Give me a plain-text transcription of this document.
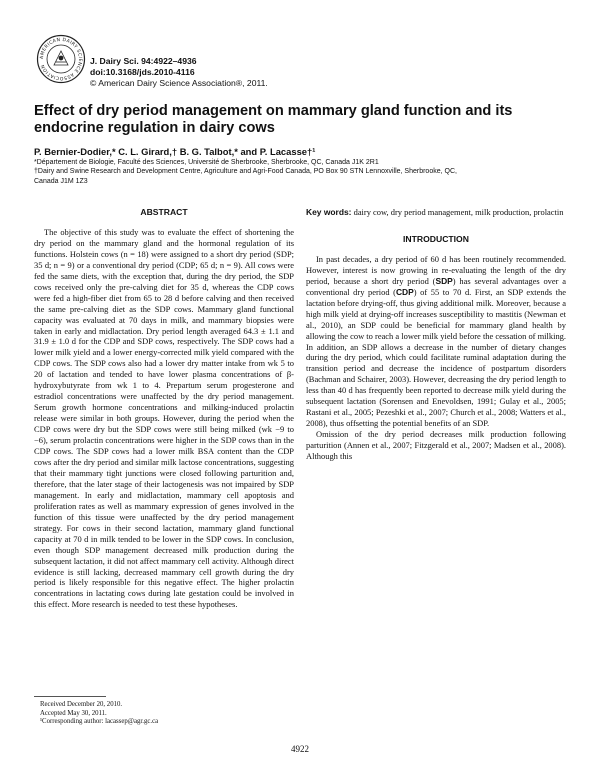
AMERICAN DAIRY SCIENCE ASSOCIATION	J. Dairy Sci. 94:4922–4936
doi:10.3168/jds.2010-4116
© American Dairy Science Association®, 2011.
Effect of dry period management on mammary gland function and its endocrine regulation in dairy cows
P. Bernier-Dodier,* C. L. Girard,† B. G. Talbot,* and P. Lacasse†¹
*Département de Biologie, Faculté des Sciences, Université de Sherbrooke, Sherbrooke, QC, Canada J1K 2R1
†Dairy and Swine Research and Development Centre, Agriculture and Agri-Food Canada, PO Box 90 STN Lennoxville, Sherbrooke, QC,
Canada J1M 1Z3
ABSTRACT

The objective of this study was to evaluate the effect of shortening the dry period on the mammary gland and the hormonal regulation of its functions. Holstein cows (n = 18) were assigned to a short dry period (SDP; 35 d; n = 9) or a conventional dry period (CDP; 65 d; n = 9). All cows were fed the same diets, with the exception that, during the dry period, the SDP cows received only the pre-calving diet for 35 d, whereas the CDP cows were fed a high-fiber diet from 65 to 28 d before calving and then received the same pre-calving diet as the SDP cows. Mammary gland functional capacity was evaluated at 70 days in milk, and mammary biopsies were taken in early and midlactation. Dry period length averaged 64.3 ± 1.1 and 31.9 ± 1.0 d for the CDP and SDP cows, respectively. The SDP cows had a lower milk yield and a lower energy-corrected milk yield compared with the CDP cows. The SDP cows also had a lower dry matter intake from wk 5 to 20 of lactation and tended to have lower plasma concentrations of β-hydroxybutyrate from wk 1 to 4. Prepartum serum progesterone and estradiol concentrations were unaffected by the dry period management. Serum growth hormone concentrations and milking-induced prolactin release were similar in both groups. However, during the period when the CDP cows were dry but the SDP cows were still being milked (wk −9 to −6), serum prolactin concentrations were higher in the SDP cows than in the CDP cows. The SDP cows had a lower milk BSA content than the CDP cows after the dry period and similar milk lactose concentrations, suggesting that their mammary tight junctions were closed following parturition and, therefore, that the later stage of their lactogenesis was not impaired by SDP management. In early and midlactation, mammary cell apoptosis and proliferation rates as well as mammary expression of genes involved in the function of this tissue were unaffected by the dry period management strategy. For cows in their second lactation, mammary gland functional capacity at 70 d in milk tended to be lower in the SDP cows. In conclusion, even though SDP management decreased milk production during the subsequent lactation, it did not affect mammary cell activity. Although direct evidence is still lacking, decreased mammary cell growth during the dry period is likely responsible for this negative effect. The higher prolactin concentrations in lactating cows during late gestation could be involved in this effect. More research is needed to test these hypotheses.

Key words: dairy cow, dry period management, milk production, prolactin

INTRODUCTION

In past decades, a dry period of 60 d has been routinely recommended. However, interest is now growing in re-evaluating the length of the dry period, because a short dry period (SDP) has several advantages over a conventional dry period (CDP) of 55 to 70 d. First, an SDP extends the lactation before drying-off, thus giving additional milk. Moreover, because a high milk yield at drying-off increases susceptibility to mastitis (Newman et al., 2010), an SDP could be beneficial for mammary gland health by allowing the cow to reach a lower milk yield before the cessation of milking. In addition, an SDP allows a decrease in the number of dietary changes during the dry period, which could facilitate ruminal adaptation during the transition period and decrease the incidence of postpartum disorders (Bachman and Schairer, 2003). However, decreasing the dry period length to less than 40 d has frequently been reported to decrease milk yield during the subsequent lactation (Sorensen and Enevoldsen, 1991; Gulay et al., 2005; Rastani et al., 2005; Pezeshki et al., 2007; Church et al., 2008; Watters et al., 2008), thus offsetting the potential benefits of an SDP.

Omission of the dry period decreases milk production following parturition (Annen et al., 2007; Fitzgerald et al., 2007; Madsen et al., 2008). Although this

Received December 20, 2010.
Accepted May 30, 2011.
¹Corresponding author: lacassep@agr.gc.ca
4922
